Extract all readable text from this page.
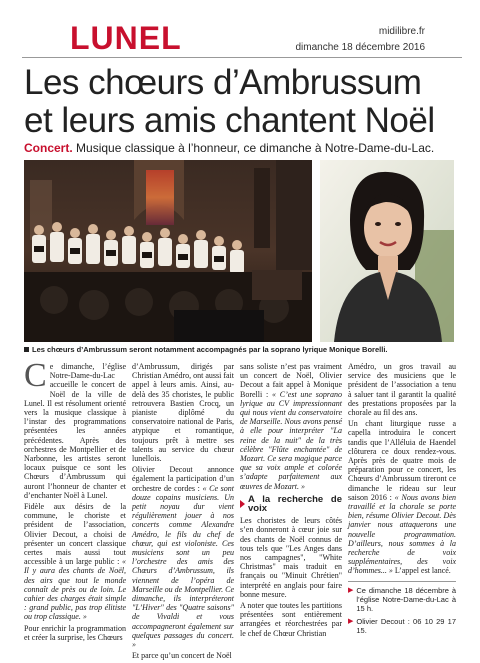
LUNEL	midilibre.fr
dimanche 18 décembre 2016
Les chœurs d’Ambrussum
et leurs amis chantent Noël
Concert. Musique classique à l’honneur, ce dimanche à Notre-Dame-du-Lac.
Les chœurs d’Ambrussum seront notamment accompagnés par la soprano lyrique Monique Borelli.

Ce dimanche, l’église Notre-Dame-du-Lac accueille le concert de Noël de la ville de Lunel. Il est résolument orienté vers la musique classique à l’instar des programmations présentées les années précédentes. Après des orchestres de Montpellier et de Narbonne, les artistes seront locaux puisque ce sont les Chœurs d’Ambrussum qui auront l’honneur de chanter et d’enchanter Noël à Lunel.

Fidèle aux désirs de la commune, le choriste et président de l’association, Olivier Decout, a choisi de présenter un concert classique certes mais aussi tout accessible à un large public : « Il y aura des chants de Noël, des airs que tout le monde connaît de près ou de loin. Le cahier des charges était simple : grand public, pas trop élitiste ou trop classique. »

Pour enrichir la programmation et créer la surprise, les Chœurs

d’Ambrussum, dirigés par Christian Amédro, ont aussi fait appel à leurs amis. Ainsi, au-delà des 35 choristes, le public retrouvera Bastien Crocq, un pianiste diplômé du conservatoire national de Paris, atypique et romantique, toujours prêt à mettre ses talents au service du chœur lunellois.

Olivier Decout annonce également la participation d’un orchestre de cordes : « Ce sont douze copains musiciens. Un petit noyau dur vient régulièrement jouer à nos concerts comme Alexandre Amédro, le fils du chef de chœur, qui est violoniste. Ces musiciens sont un peu l’orchestre des amis des Chœurs d’Ambrussum, ils viennent de l’opéra de Marseille ou de Montpellier. Ce dimanche, ils interpréteront "L’Hiver" des "Quatre saisons" de Vivaldi et vous accompagneront également sur quelques passages du concert. »

Et parce qu’un concert de Noël

sans soliste n’est pas vraiment un concert de Noël, Olivier Decout a fait appel à Monique Borelli : « C’est une soprano lyrique au CV impressionnant qui nous vient du conservatoire de Marseille. Nous avons pensé à elle pour interpréter "La reine de la nuit" de la très célèbre "Flûte enchantée" de Mozart. Ce sera magique parce que sa voix ample et colorée s’adapte parfaitement aux œuvres de Mozart. »

A la recherche de voix

Les choristes de leurs côtés s’en donneront à cœur joie sur des chants de Noël connus de tous tels que "Les Anges dans nos campagnes", "White Christmas" mais traduit en français ou "Minuit Chrétien" interprété en anglais pour faire bonne mesure.

A noter que toutes les partitions présentées sont entièrement arrangées et réorchestrées par le chef de Chœur Christian

Amédro, un gros travail au service des musiciens que le président de l’association a tenu à saluer tant il garantit la qualité des prestations proposées par la chorale au fil des ans.

Un chant liturgique russe a capella introduira le concert tandis que l’Alléluia de Haendel clôturera ce doux rendez-vous. Après près de quatre mois de préparation pour ce concert, les Chœurs d’Ambrussum tireront ce dimanche le rideau sur leur saison 2016 : « Nous avons bien travaillé et la chorale se porte bien, résume Olivier Decout. Dès janvier nous attaquerons une nouvelle programmation. D’ailleurs, nous sommes à la recherche de voix supplémentaires, des voix d’hommes... » L’appel est lancé.

▶ Ce dimanche 18 décembre à l’église Notre-Dame-du-Lac à 15 h.
▶ Olivier Decout : 06 10 29 17 15.
